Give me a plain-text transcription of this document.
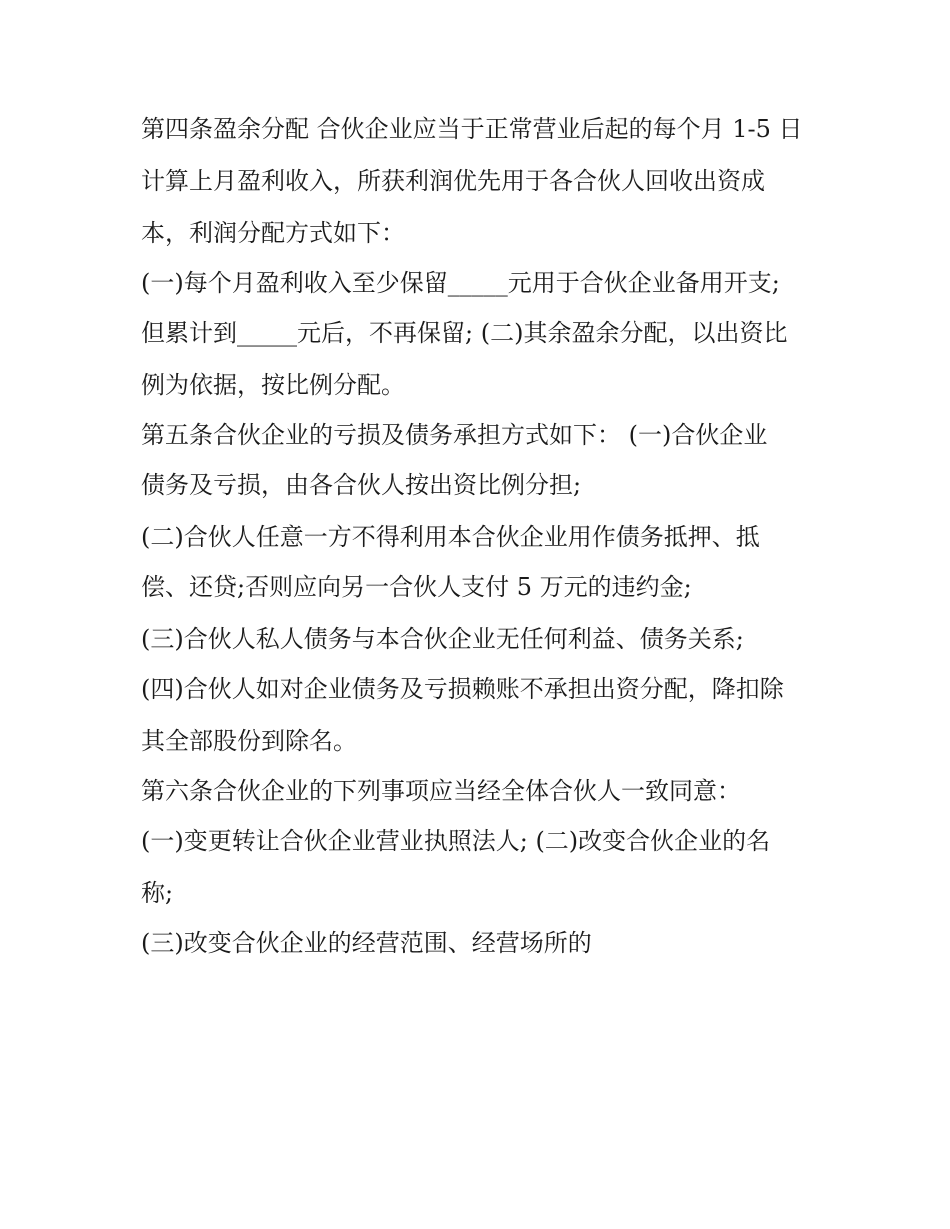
第四条盈余分配 合伙企业应当于正常营业后起的每个月 1-5 日

计算上月盈利收入，所获利润优先用于各合伙人回收出资成

本，利润分配方式如下：

(一)每个月盈利收入至少保留_____元用于合伙企业备用开支;

但累计到_____元后，不再保留; (二)其余盈余分配，以出资比

例为依据，按比例分配。

第五条合伙企业的亏损及债务承担方式如下： (一)合伙企业

债务及亏损，由各合伙人按出资比例分担;

(二)合伙人任意一方不得利用本合伙企业用作债务抵押、抵

偿、还贷;否则应向另一合伙人支付 5 万元的违约金;

(三)合伙人私人债务与本合伙企业无任何利益、债务关系;

(四)合伙人如对企业债务及亏损赖账不承担出资分配，降扣除

其全部股份到除名。

第六条合伙企业的下列事项应当经全体合伙人一致同意：

(一)变更转让合伙企业营业执照法人; (二)改变合伙企业的名

称;

(三)改变合伙企业的经营范围、经营场所的
